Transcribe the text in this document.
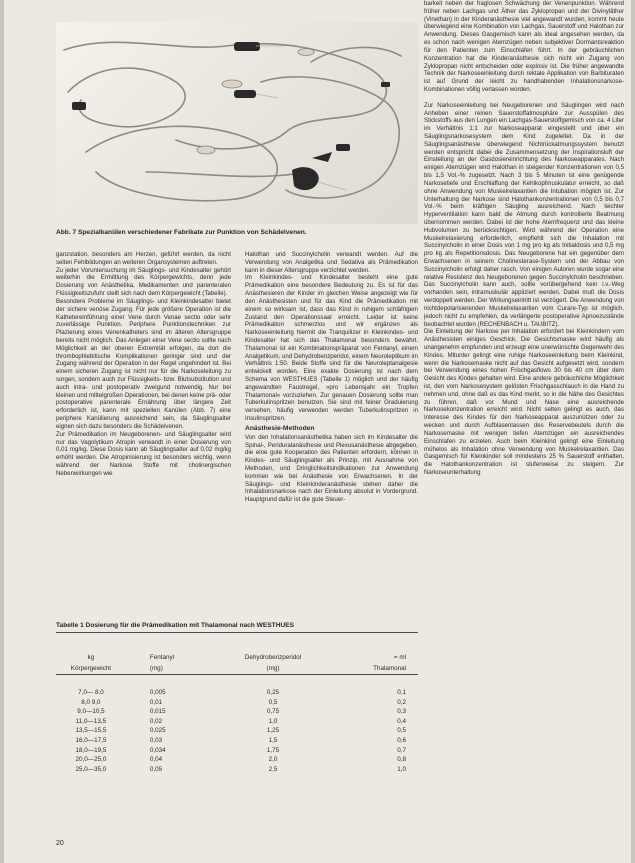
Abb. 7 Spezialkanülen verschiedener Fabrikate zur Punktion von Schädelvenen.

ganzstation, besonders am Herzen, geführt werden, da nicht selten Fehlbildungen an weiteren Organsystemen auftreten.

Zu jeder Voruntersuchung im Säuglings- und Kindesalter gehört weiterhin die Ermittlung des Körpergewichts, denn jede Dosierung von Anästhetika, Medikamenten und parenteralen Flüssigkeitszufuhr stellt sich nach dem Körpergewicht (Tabelle).

Besondere Probleme im Säuglings- und Kleinkindesalter bietet der sichere venöse Zugang. Für jede größere Operation ist die Kathetereinführung einer Vene durch Venae sectio oder sehr zuverlässige Punktion. Periphere Punktionstechniken zur Plazierung eines Venenkatheters sind im älteren Altersgruppe bereits nicht möglich. Das Anlegen einer Vene sectio sollte nach Möglichkeit an der oberen Extremität erfolgen, da dort die thrombophlebitische Komplikationen geringer sind und der Zugang während der Operation in der Regel ungehindert ist. Bei einem sicheren Zugang ist nicht nur für die Narkoseleitung zu sorgen, sondern auch zur Flüssigkeits- bzw. Blutsubstitution und auch intra- und postoperativ zweigund notwendig. Nur bei kleinen und mittelgroßen Operationen, bei denen keine prä- oder postoperative parenterale Ernährung über längere Zeit erforderlich ist, kann mit speziellen Kanülen (Abb. 7) eine periphere Kanülierung ausreichend sein, da Säuglingsalter eignen sich dazu besonders die Schädelvenen.

Zur Prämedikation im Neugeborenen- und Säuglingsalter wird nur das Vagolytikum Atropin verwandt in einer Dosierung von 0,01 mg/kg. Diese Dosis kann ab Säuglingsalter auf 0,02 mg/kg erhöht werden. Die Atropinisierung ist besonders wichtig, wenn während der Narkose Stoffe mit cholinergischen Nebenwirkungen wie

Halothan und Succinylcholin verwandt werden. Auf die Verwendung von Analgetika und Sedativa als Prämedikation kann in dieser Altersgruppe verzichtet werden.

Im Kleinkindes- und Kindesalter besteht eine gute Prämedikation eine besondere Bedeutung zu. Es ist für das Anästhesieren der Kinder im gleichen Weise angezeigt wie für den Anästhesisten und für das Kind die Prämedikation mit einem so wirksam ist, dass das Kind in ruhigem schläfrigem Zustand den Operationssaal erreicht. Leider ist keine Prämedikation schmerzlos und wir ergänzen als Narkoseeinleitung hiermit die Tranquilizer in Kleinkindes- und Kindesalter hat sich das Thalamonal besonders bewährt. Thalamonal ist ein Kombinationspräparat von Fentanyl, einem Analgetikum, und Dehydrobenzperidol, einem Neuroleptikum im Verhältnis 1:50. Beide Stoffe sind für die Neuroleptanalgesie entwickelt worden. Eine exakte Dosierung ist nach dem Schema von WESTHUES (Tabelle 1) möglich und der häufig angewandten Faustregel, »pro Lebensjahr ein Tropfen Thalamonal« vorzuziehen. Zur genauen Dosierung sollte man Tuberkulinspritzen benutzen. Sie sind mit feiner Graduierung versehen, häufig verwenden werden Tuberkulinspritzen in Insulinspritzen.

Anästhesie-Methoden

Von den Inhalationsanästhetika haben sich im Kindesalter die Spinal-, Periduralanästhesie und Plexusanästhesie abgegeben, die eine gute Kooperation des Patienten erfordern, können in Kindes- und Säuglingsalter als Prinzip, mit Ausnahme von Methoden, und Dringlichkeitsindikationen zur Anwendung kommen wie bei Anästhesie von Erwachsenen. In der Säuglings- und Kleinkinderanästhesie stehen daher die Inhalationsnarkose nach der Einleitung absolut in Vordergrund. Hauptgrund dafür ist die gute Steuer-

barkeit neben der fraglosen Schwächung der Venenpunktion. Während früher neben Lachgas und Äther das Zyklopropan und der Divinyläther (Vinethan) in der Kinderanästhesie viel angewandt wurden, kommt heute überwiegend eine Kombination von Lachgas, Sauerstoff und Halothan zur Anwendung. Dieses Gasgemisch kann als ideal angesehen werden, da es schon nach wenigen Atemzügen neben subjektiver Dormantsreaktion für den Patienten zum Einschlafen führt. In der gebräuchlichen Konzentration hat die Kinderanästhesie sich nicht ein Zugang von Zyklopropan nicht entscheiden oder explosiv ist. Die früher angewandte Technik der Narkoseeinleitung durch rektale Applikation von Barbituraten ist auf Grund der leicht zu handhabenden Inhalationsnarkose-Kombinationen völlig verlassen worden.

Zur Narkoseeinleitung bei Neugeborenen und Säuglingen wird nach Anheben einer reinen Sauerstoffatmosphäre zur Ausspülen des Stickstoffs aus den Lungen ein Lachgas-Sauerstoffgemisch von ca. 4 Liter im Verhältnis 1:1 zur Narkoseapparat eingestellt und über ein Säuglingsnarkosesystem dem Kind zugeleitet. Da in der Säuglingsanästhesie überwiegend Nichtrückatmungssystem benutzt werden entspricht dabei die Zusammensetzung der Inspirationsluft der Einstellung an der Gasdosiereinrichtung des Narkoseapparates. Nach einigen Atemzügen wird Halothan in steigender Konzentrationen von 0,5 bis 1,5 Vol.-% zugesetzt. Nach 3 bis 5 Minuten ist eine genügende Narkosetiefe und Erschlaffung der Kehlkopfmuskulatur erreicht, so daß ohne Anwendung von Muskelrelaxantien die Intubation möglich ist. Zur Unterhaltung der Narkose sind Halothankonzentrationen von 0,5 bis 0,7 Vol.-% beim kräftigen Säugling ausreichend. Nach leichter Hyperventilation kann bald die Atmung durch kontrollierte Beatmung übernommen werden. Dabei ist der hohe Atemfrequenz und das kleine Hubvolumen zu berücksichtigen. Wird während der Operation eine Muskelrelaxierung erforderlich, empfiehlt sich die Inhalation mit Succinylcholin in einer Dosis von 1 mg pro kg als Initialdosis und 0,5 mg pro kg als Repetitionsdosis. Das Neugeborene hat ein gegenüber dem Erwachsenen in seinem Cholinesterase-System und der Abbau von Succinylcholin erfolgt daher rasch. Von einigen Autoren wurde sogar eine relative Resistenz des Neugeborenen gegen Succinylcholin beschrieben. Das Succinylcholin kann auch, sollte vorübergehend kein i.v.-Weg vorhanden sein, intramuskulär appliziert werden. Dabei muß die Dosis verdoppelt werden. Der Wirkungseintritt ist verzögert. Die Anwendung von nichtdepolarisierenden Muskelrelaxantien vom Curare-Typ ist möglich, jedoch nicht zu empfehlen, da verlängerte postoperative Apnoezustände beobachtet wurden (RECHENBACH u. TAUBITZ).

Die Einleitung der Narkose per Inhalation erfordert bei Kleinkindern vom Anästhesisten einiges Geschick. Die Gesichtsmaske wird häufig als unangenehm empfunden und erzeugt eine unerwünschte Gegenwehr des Kindes. Mitunter gelingt eine ruhige Narkoseeinleitung beim Kleinkind, wenn die Narkosemaske nicht auf das Gesicht aufgesetzt wird, sondern bei Verwendung eines hohen Frischgasflows 30 bis 40 cm über dem Gesicht des Kindes gehalten wird. Eine andere gebräuchliche Möglichkeit ist, den vom Narkosesystem gelösten Frischgasschlauch in die Hand zu nehmen und, ohne daß es das Kind merkt, so in die Nähe des Gesichtes zu führen, daß vor Mund und Nase eine ausreichende Narkosekonzentration erreicht wird. Nicht selten gelingt es auch, das Interesse des Kindes für den Narkoseapparat auszunützen oder zu wecken und durch Aufblasenlassen des Reservebeutels durch die Narkosemaske mit wenigen tiefen Atemzügen ein ausreichendes Einschlafen zu erzielen. Auch beim Kleinkind gelingt eine Einleitung mühelos als Inhalation ohne Verwendung von Muskelrelaxantien. Das Gasgemisch für Kleinkinder soll mindestens 25 % Sauerstoff enthalten, die Halothankonzentration ist stufenweise zu steigern. Zur Narkoseunterhaltung

Tabelle 1 Dosierung für die Prämedikation mit Thalamonal nach WESTHUES
kg	Fentanyl	Dehydrobenzperidol	= ml
Körpergewicht	(mg)	(mg)	Thalamonal
7,0— 8,0	0,005	0,25	0,1
8,0 9,0	0,01	0,5	0,2
9,0—10,5	0,015	0,75	0,3
11,0—13,5	0,02	1,0	0,4
13,5—15,5	0,025	1,25	0,5
16,0—17,5	0,03	1,5	0,6
18,0—19,5	0,034	1,75	0,7
20,0—25,0	0,04	2,0	0,8
25,0—35,0	0,05	2,5	1,0
20
